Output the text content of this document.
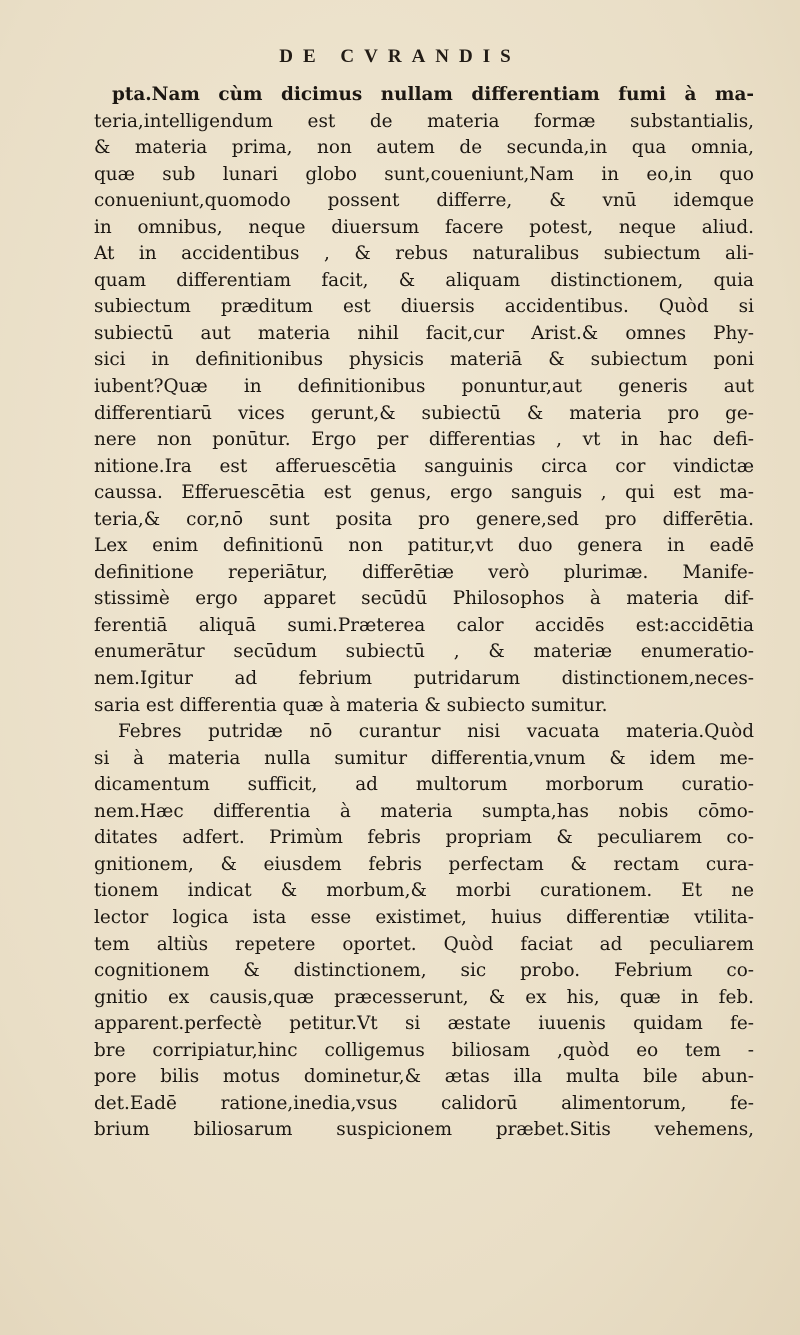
DE CVRANDIS
pta.Nam cùm dicimus nullam differentiam fumi à ma-
teria,intelligendum est de materia formæ substantialis,
& materia prima, non autem de secunda,in qua omnia,
quæ sub lunari globo sunt,coueniunt,Nam in eo,in quo
conueniunt,quomodo possent differre, & vnū idemque
in omnibus, neque diuersum facere potest, neque aliud.
At in accidentibus , & rebus naturalibus subiectum ali-
quam differentiam facit, & aliquam distinctionem, quia
subiectum præditum est diuersis accidentibus. Quòd si
subiectū aut materia nihil facit,cur Arist.& omnes Phy-
sici in definitionibus physicis materiā & subiectum poni
iubent?Quæ in definitionibus ponuntur,aut generis aut
differentiarū vices gerunt,& subiectū & materia pro ge-
nere non ponūtur. Ergo per differentias , vt in hac defi-
nitione.Ira est afferuescētia sanguinis circa cor vindictæ
caussa. Efferuescētia est genus, ergo sanguis , qui est ma-
teria,& cor,nō sunt posita pro genere,sed pro differētia.
Lex enim definitionū non patitur,vt duo genera in eadē
definitione reperiātur, differētiæ verò plurimæ. Manife-
stissimè ergo apparet secūdū Philosophos à materia dif-
ferentiā aliquā sumi.Præterea calor accidēs est:accidētia
enumerātur secūdum subiectū , & materiæ enumeratio-
nem.Igitur ad febrium putridarum distinctionem,neces-
saria est differentia quæ à materia & subiecto sumitur.
Febres putridæ nō curantur nisi vacuata materia.Quòd
si à materia nulla sumitur differentia,vnum & idem me-
dicamentum sufficit, ad multorum morborum curatio-
nem.Hæc differentia à materia sumpta,has nobis cōmo-
ditates adfert. Primùm febris propriam & peculiarem co-
gnitionem, & eiusdem febris perfectam & rectam cura-
tionem indicat & morbum,& morbi curationem. Et ne
lector logica ista esse existimet, huius differentiæ vtilita-
tem altiùs repetere oportet. Quòd faciat ad peculiarem
cognitionem & distinctionem, sic probo. Febrium co-
gnitio ex causis,quæ præcesserunt, & ex his, quæ in feb.
apparent.perfectè petitur.Vt si æstate iuuenis quidam fe-
bre corripiatur,hinc colligemus biliosam ,quòd eo tem -
pore bilis motus dominetur,& ætas illa multa bile abun-
det.Eadē ratione,inedia,vsus calidorū alimentorum, fe-
brium biliosarum suspicionem præbet.Sitis vehemens,
